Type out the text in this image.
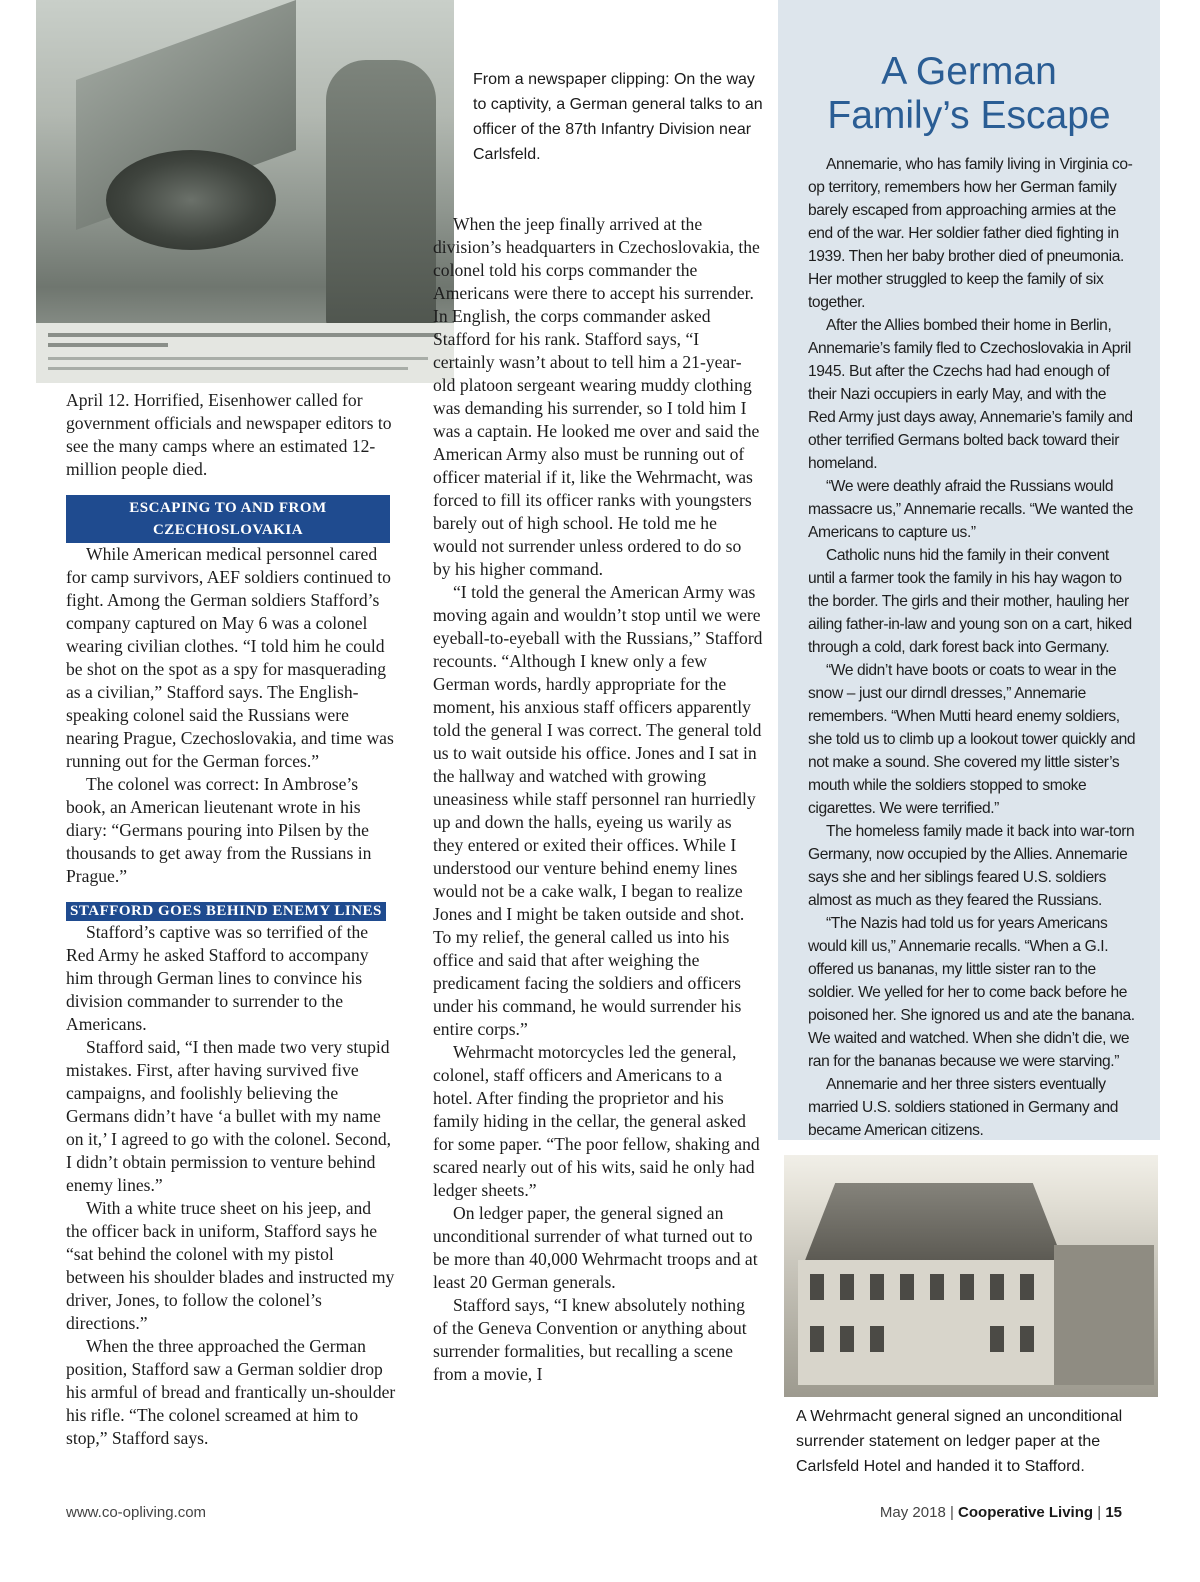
From a newspaper clipping: On the way to captivity, a German general talks to an officer of the 87th Infantry Division near Carlsfeld.

April 12. Horrified, Eisenhower called for government officials and newspaper editors to see the many camps where an estimated 12-million people died.

ESCAPING TO AND FROM CZECHOSLOVAKIA

While American medical personnel cared for camp survivors, AEF soldiers continued to fight. Among the German soldiers Stafford’s company captured on May 6 was a colonel wearing civilian clothes. “I told him he could be shot on the spot as a spy for masquerading as a civilian,” Stafford says. The English-speaking colonel said the Russians were nearing Prague, Czechoslovakia, and time was running out for the German forces.”

The colonel was correct: In Ambrose’s book, an American lieutenant wrote in his diary: “Germans pouring into Pilsen by the thousands to get away from the Russians in Prague.”

STAFFORD GOES BEHIND ENEMY LINES

Stafford’s captive was so terrified of the Red Army he asked Stafford to accompany him through German lines to convince his division commander to surrender to the Americans.

Stafford said, “I then made two very stupid mistakes. First, after having survived five campaigns, and foolishly believing the Germans didn’t have ‘a bullet with my name on it,’ I agreed to go with the colonel. Second, I didn’t obtain permission to venture behind enemy lines.”

With a white truce sheet on his jeep, and the officer back in uniform, Stafford says he “sat behind the colonel with my pistol between his shoulder blades and instructed my driver, Jones, to follow the colonel’s directions.”

When the three approached the German position, Stafford saw a German soldier drop his armful of bread and frantically un-shoulder his rifle. “The colonel screamed at him to stop,” Stafford says.

When the jeep finally arrived at the division’s headquarters in Czechoslovakia, the colonel told his corps commander the Americans were there to accept his surrender. In English, the corps commander asked Stafford for his rank. Stafford says, “I certainly wasn’t about to tell him a 21-year-old platoon sergeant wearing muddy clothing was demanding his surrender, so I told him I was a captain. He looked me over and said the American Army also must be running out of officer material if it, like the Wehrmacht, was forced to fill its officer ranks with youngsters barely out of high school. He told me he would not surrender unless ordered to do so by his higher command.

“I told the general the American Army was moving again and wouldn’t stop until we were eyeball-to-eyeball with the Russians,” Stafford recounts. “Although I knew only a few German words, hardly appropriate for the moment, his anxious staff officers apparently told the general I was correct. The general told us to wait outside his office. Jones and I sat in the hallway and watched with growing uneasiness while staff personnel ran hurriedly up and down the halls, eyeing us warily as they entered or exited their offices. While I understood our venture behind enemy lines would not be a cake walk, I began to realize Jones and I might be taken outside and shot. To my relief, the general called us into his office and said that after weighing the predicament facing the soldiers and officers under his command, he would surrender his entire corps.”

Wehrmacht motorcycles led the general, colonel, staff officers and Americans to a hotel. After finding the proprietor and his family hiding in the cellar, the general asked for some paper. “The poor fellow, shaking and scared nearly out of his wits, said he only had ledger sheets.”

On ledger paper, the general signed an unconditional surrender of what turned out to be more than 40,000 Wehrmacht troops and at least 20 German generals.

Stafford says, “I knew absolutely nothing of the Geneva Convention or anything about surrender formalities, but recalling a scene from a movie, I

A German
Family’s Escape

Annemarie, who has family living in Virginia co-op territory, remembers how her German family barely escaped from approaching armies at the end of the war. Her soldier father died fighting in 1939. Then her baby brother died of pneumonia. Her mother struggled to keep the family of six together.

After the Allies bombed their home in Berlin, Annemarie’s family fled to Czechoslovakia in April 1945. But after the Czechs had had enough of their Nazi occupiers in early May, and with the Red Army just days away, Annemarie’s family and other terrified Germans bolted back toward their homeland.

“We were deathly afraid the Russians would massacre us,” Annemarie recalls. “We wanted the Americans to capture us.”

Catholic nuns hid the family in their convent until a farmer took the family in his hay wagon to the border. The girls and their mother, hauling her ailing father-in-law and young son on a cart, hiked through a cold, dark forest back into Germany.

“We didn’t have boots or coats to wear in the snow – just our dirndl dresses,” Annemarie remembers. “When Mutti heard enemy soldiers, she told us to climb up a lookout tower quickly and not make a sound. She covered my little sister’s mouth while the soldiers stopped to smoke cigarettes. We were terrified.”

The homeless family made it back into war-torn Germany, now occupied by the Allies. Annemarie says she and her siblings feared U.S. soldiers almost as much as they feared the Russians.

“The Nazis had told us for years Americans would kill us,” Annemarie recalls. “When a G.I. offered us bananas, my little sister ran to the soldier. We yelled for her to come back before he poisoned her. She ignored us and ate the banana. We waited and watched. When she didn’t die, we ran for the bananas because we were starving.”

Annemarie and her three sisters eventually married U.S. soldiers stationed in Germany and became American citizens.

A Wehrmacht general signed an unconditional surrender statement on ledger paper at the Carlsfeld Hotel and handed it to Stafford.
www.co-opliving.com	May 2018 | Cooperative Living | 15
